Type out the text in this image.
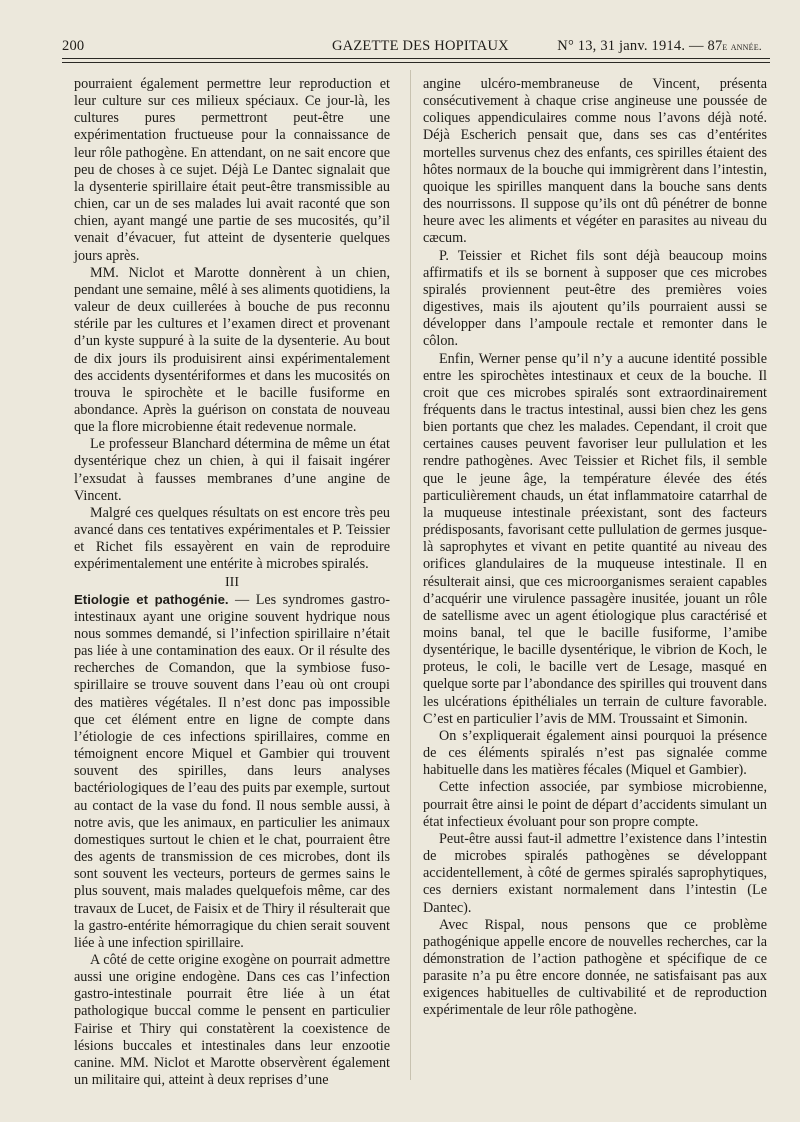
200	GAZETTE DES HOPITAUX	N° 13, 31 janv. 1914. — 87e année.

pourraient également permettre leur reproduction et leur culture sur ces milieux spéciaux. Ce jour-là, les cultures pures permettront peut-être une expérimentation fructueuse pour la connaissance de leur rôle pathogène. En attendant, on ne sait encore que peu de choses à ce sujet. Déjà Le Dantec signalait que la dysenterie spirillaire était peut-être transmissible au chien, car un de ses malades lui avait raconté que son chien, ayant mangé une partie de ses mucosités, qu’il venait d’évacuer, fut atteint de dysenterie quelques jours après.

MM. Niclot et Marotte donnèrent à un chien, pendant une semaine, mêlé à ses aliments quotidiens, la valeur de deux cuillerées à bouche de pus reconnu stérile par les cultures et l’examen direct et provenant d’un kyste suppuré à la suite de la dysenterie. Au bout de dix jours ils produisirent ainsi expérimentalement des accidents dysentériformes et dans les mucosités on trouva le spirochète et le bacille fusiforme en abondance. Après la guérison on constata de nouveau que la flore microbienne était redevenue normale.

Le professeur Blanchard détermina de même un état dysentérique chez un chien, à qui il faisait ingérer l’exsudat à fausses membranes d’une angine de Vincent.

Malgré ces quelques résultats on est encore très peu avancé dans ces tentatives expérimentales et P. Teissier et Richet fils essayèrent en vain de reproduire expérimentalement une entérite à microbes spiralés.

III

Etiologie et pathogénie. — Les syndromes gastro-intestinaux ayant une origine souvent hydrique nous nous sommes demandé, si l’infection spirillaire n’était pas liée à une contamination des eaux. Or il résulte des recherches de Comandon, que la symbiose fuso-spirillaire se trouve souvent dans l’eau où ont croupi des matières végétales. Il n’est donc pas impossible que cet élément entre en ligne de compte dans l’étiologie de ces infections spirillaires, comme en témoignent encore Miquel et Gambier qui trouvent souvent des spirilles, dans leurs analyses bactériologiques de l’eau des puits par exemple, surtout au contact de la vase du fond. Il nous semble aussi, à notre avis, que les animaux, en particulier les animaux domestiques surtout le chien et le chat, pourraient être des agents de transmission de ces microbes, dont ils sont souvent les vecteurs, porteurs de germes sains le plus souvent, mais malades quelquefois même, car des travaux de Lucet, de Faisix et de Thiry il résulterait que la gastro-entérite hémorragique du chien serait souvent liée à une infection spirillaire.

A côté de cette origine exogène on pourrait admettre aussi une origine endogène. Dans ces cas l’infection gastro-intestinale pourrait être liée à un état pathologique buccal comme le pensent en particulier Fairise et Thiry qui constatèrent la coexistence de lésions buccales et intestinales dans leur enzootie canine. MM. Niclot et Marotte observèrent également un militaire qui, atteint à deux reprises d’une

angine ulcéro-membraneuse de Vincent, présenta consécutivement à chaque crise angineuse une poussée de coliques appendiculaires comme nous l’avons déjà noté. Déjà Escherich pensait que, dans ses cas d’entérites mortelles survenus chez des enfants, ces spirilles étaient des hôtes normaux de la bouche qui immigrèrent dans l’intestin, quoique les spirilles manquent dans la bouche sans dents des nourrissons. Il suppose qu’ils ont dû pénétrer de bonne heure avec les aliments et végéter en parasites au niveau du cæcum.

P. Teissier et Richet fils sont déjà beaucoup moins affirmatifs et ils se bornent à supposer que ces microbes spiralés proviennent peut-être des premières voies digestives, mais ils ajoutent qu’ils pourraient aussi se développer dans l’ampoule rectale et remonter dans le côlon.

Enfin, Werner pense qu’il n’y a aucune identité possible entre les spirochètes intestinaux et ceux de la bouche. Il croit que ces microbes spiralés sont extraordinairement fréquents dans le tractus intestinal, aussi bien chez les gens bien portants que chez les malades. Cependant, il croit que certaines causes peuvent favoriser leur pullulation et les rendre pathogènes. Avec Teissier et Richet fils, il semble que le jeune âge, la température élevée des étés particulièrement chauds, un état inflammatoire catarrhal de la muqueuse intestinale préexistant, sont des facteurs prédisposants, favorisant cette pullulation de germes jusque-là saprophytes et vivant en petite quantité au niveau des orifices glandulaires de la muqueuse intestinale. Il en résulterait ainsi, que ces microorganismes seraient capables d’acquérir une virulence passagère inusitée, jouant un rôle de satellisme avec un agent étiologique plus caractérisé et moins banal, tel que le bacille fusiforme, l’amibe dysentérique, le bacille dysentérique, le vibrion de Koch, le proteus, le coli, le bacille vert de Lesage, masqué en quelque sorte par l’abondance des spirilles qui trouvent dans les ulcérations épithéliales un terrain de culture favorable. C’est en particulier l’avis de MM. Troussaint et Simonin.

On s’expliquerait également ainsi pourquoi la présence de ces éléments spiralés n’est pas signalée comme habituelle dans les matières fécales (Miquel et Gambier).

Cette infection associée, par symbiose microbienne, pourrait être ainsi le point de départ d’accidents simulant un état infectieux évoluant pour son propre compte.

Peut-être aussi faut-il admettre l’existence dans l’intestin de microbes spiralés pathogènes se développant accidentellement, à côté de germes spiralés saprophytiques, ces derniers existant normalement dans l’intestin (Le Dantec).

Avec Rispal, nous pensons que ce problème pathogénique appelle encore de nouvelles recherches, car la démonstration de l’action pathogène et spécifique de ce parasite n’a pu être encore donnée, ne satisfaisant pas aux exigences habituelles de cultivabilité et de reproduction expérimentale de leur rôle pathogène.
